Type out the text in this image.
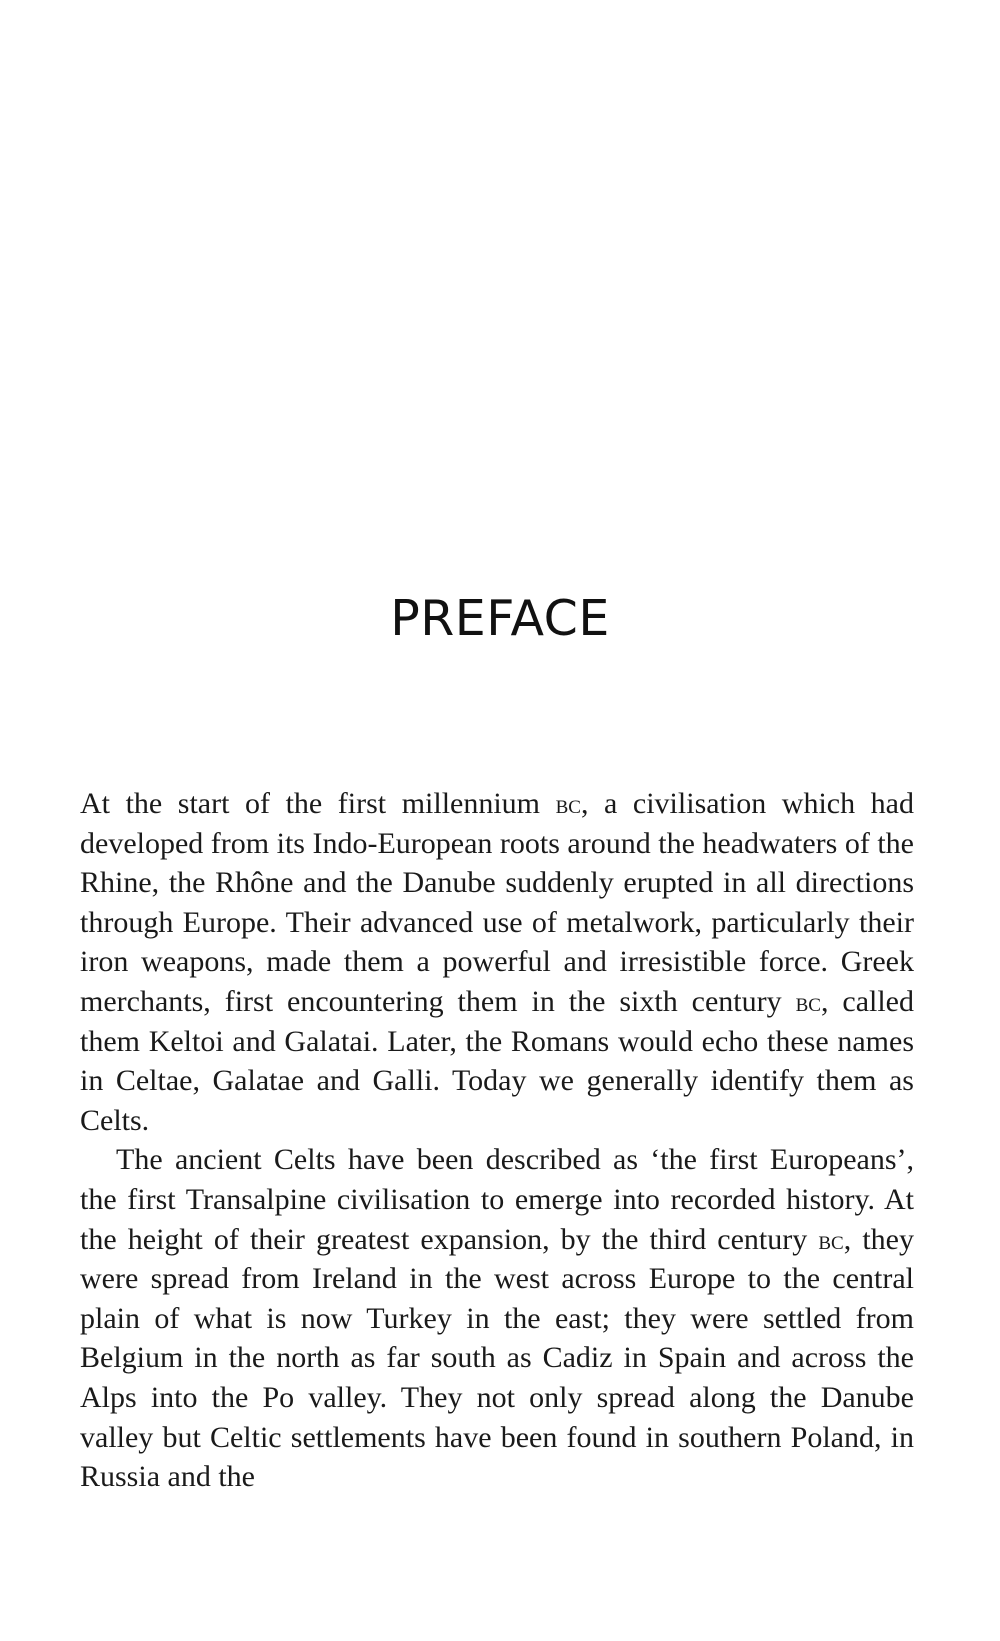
PREFACE

At the start of the first millennium bc, a civilisation which had developed from its Indo-European roots around the headwaters of the Rhine, the Rhône and the Danube suddenly erupted in all directions through Europe. Their advanced use of metalwork, particularly their iron weapons, made them a powerful and irresistible force. Greek merchants, first encountering them in the sixth century bc, called them Keltoi and Galatai. Later, the Romans would echo these names in Celtae, Galatae and Galli. Today we generally identify them as Celts.

The ancient Celts have been described as ‘the first Europeans’, the first Transalpine civilisation to emerge into recorded history. At the height of their greatest expansion, by the third century bc, they were spread from Ireland in the west across Europe to the central plain of what is now Turkey in the east; they were settled from Belgium in the north as far south as Cadiz in Spain and across the Alps into the Po valley. They not only spread along the Danube valley but Celtic settlements have been found in southern Poland, in Russia and the
